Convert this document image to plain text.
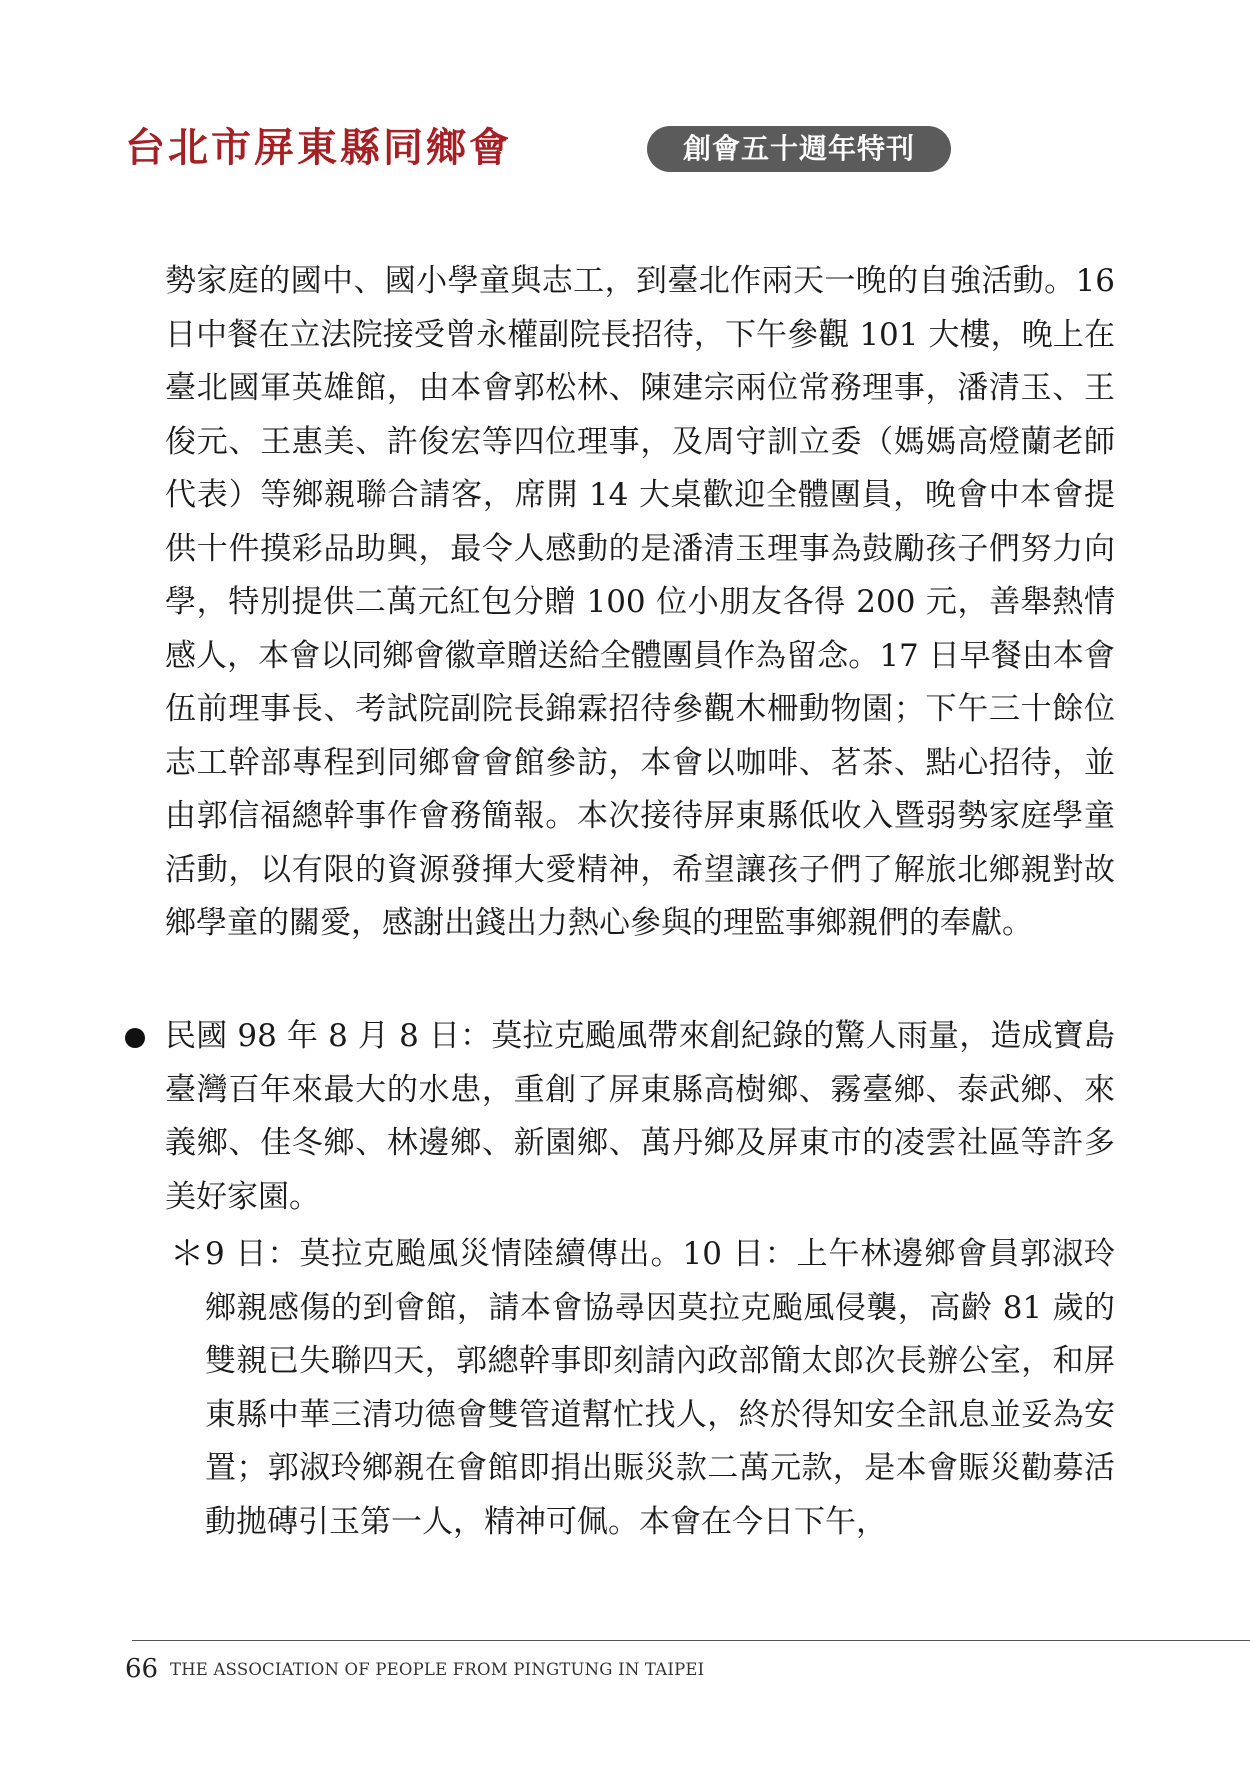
台北市屏東縣同鄉會	創會五十週年特刊

勢家庭的國中、國小學童與志工，到臺北作兩天一晚的自強活動。16 日中餐在立法院接受曾永權副院長招待，下午參觀 101 大樓，晚上在臺北國軍英雄館，由本會郭松林、陳建宗兩位常務理事，潘清玉、王俊元、王惠美、許俊宏等四位理事，及周守訓立委（媽媽高燈蘭老師代表）等鄉親聯合請客，席開 14 大桌歡迎全體團員，晚會中本會提供十件摸彩品助興，最令人感動的是潘清玉理事為鼓勵孩子們努力向學，特別提供二萬元紅包分贈 100 位小朋友各得 200 元，善舉熱情感人，本會以同鄉會徽章贈送給全體團員作為留念。17 日早餐由本會伍前理事長、考試院副院長錦霖招待參觀木柵動物園；下午三十餘位志工幹部專程到同鄉會會館參訪，本會以咖啡、茗茶、點心招待，並由郭信福總幹事作會務簡報。本次接待屏東縣低收入暨弱勢家庭學童活動，以有限的資源發揮大愛精神，希望讓孩子們了解旅北鄉親對故鄉學童的關愛，感謝出錢出力熱心參與的理監事鄉親們的奉獻。

民國 98 年 8 月 8 日：莫拉克颱風帶來創紀錄的驚人雨量，造成寶島臺灣百年來最大的水患，重創了屏東縣高樹鄉、霧臺鄉、泰武鄉、來義鄉、佳冬鄉、林邊鄉、新園鄉、萬丹鄉及屏東市的凌雲社區等許多美好家園。

＊ 9 日：莫拉克颱風災情陸續傳出。10 日：上午林邊鄉會員郭淑玲鄉親感傷的到會館，請本會協尋因莫拉克颱風侵襲，高齡 81 歲的雙親已失聯四天，郭總幹事即刻請內政部簡太郎次長辦公室，和屏東縣中華三清功德會雙管道幫忙找人，終於得知安全訊息並妥為安置；郭淑玲鄉親在會館即捐出賑災款二萬元款，是本會賑災勸募活動拋磚引玉第一人，精神可佩。本會在今日下午，

66 THE ASSOCIATION OF PEOPLE FROM PINGTUNG IN TAIPEI
